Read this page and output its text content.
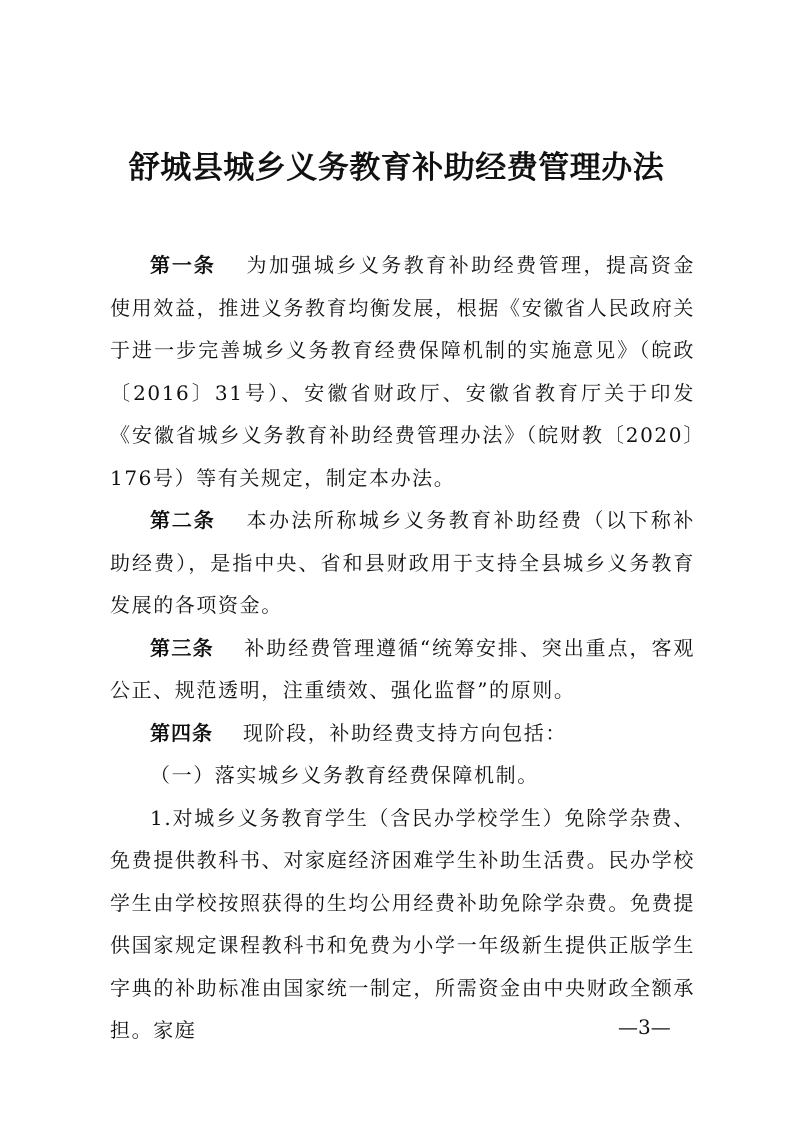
舒城县城乡义务教育补助经费管理办法

第一条 为加强城乡义务教育补助经费管理，提高资金使用效益，推进义务教育均衡发展，根据《安徽省人民政府关于进一步完善城乡义务教育经费保障机制的实施意见》（皖政〔2016〕31号）、安徽省财政厅、安徽省教育厅关于印发《安徽省城乡义务教育补助经费管理办法》（皖财教〔2020〕176号）等有关规定，制定本办法。

第二条 本办法所称城乡义务教育补助经费（以下称补助经费），是指中央、省和县财政用于支持全县城乡义务教育发展的各项资金。

第三条 补助经费管理遵循“统筹安排、突出重点，客观公正、规范透明，注重绩效、强化监督”的原则。

第四条 现阶段，补助经费支持方向包括：

（一）落实城乡义务教育经费保障机制。

1.对城乡义务教育学生（含民办学校学生）免除学杂费、免费提供教科书、对家庭经济困难学生补助生活费。民办学校学生由学校按照获得的生均公用经费补助免除学杂费。免费提供国家规定课程教科书和免费为小学一年级新生提供正版学生字典的补助标准由国家统一制定，所需资金由中央财政全额承担。家庭	—3—
